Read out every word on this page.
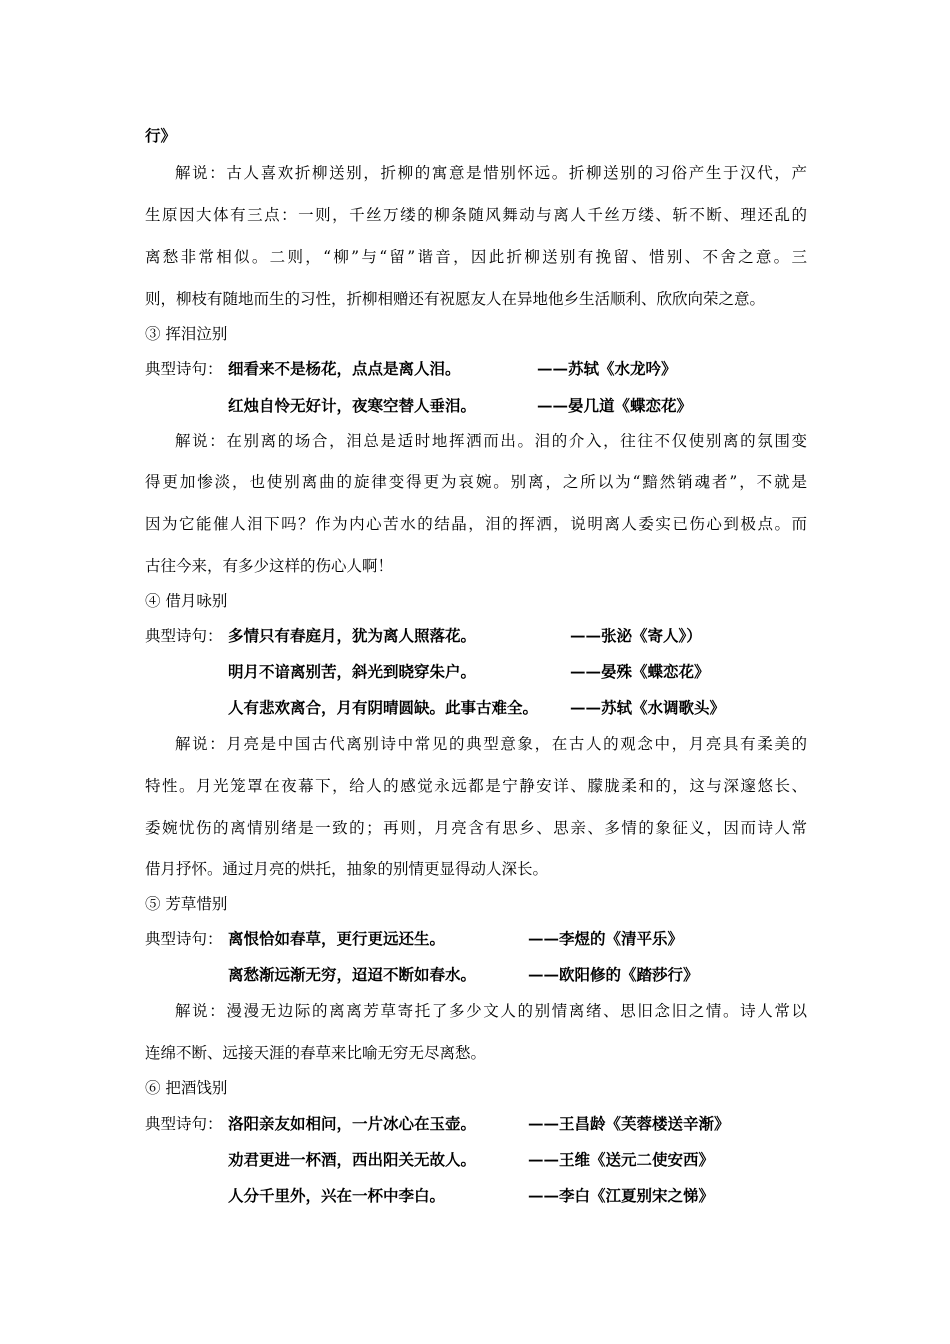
行》
解说：古人喜欢折柳送别，折柳的寓意是惜别怀远。折柳送别的习俗产生于汉代，产
生原因大体有三点：一则，千丝万缕的柳条随风舞动与离人千丝万缕、斩不断、理还乱的
离愁非常相似。二则，“柳”与“留”谐音，因此折柳送别有挽留、惜别、不舍之意。三
则，柳枝有随地而生的习性，折柳相赠还有祝愿友人在异地他乡生活顺利、欣欣向荣之意。
③ 挥泪泣别
典型诗句： 细看来不是杨花，点点是离人泪。	——苏轼《水龙吟》
红烛自怜无好计，夜寒空替人垂泪。	——晏几道《蝶恋花》
解说：在别离的场合，泪总是适时地挥洒而出。泪的介入，往往不仅使别离的氛围变
得更加惨淡，也使别离曲的旋律变得更为哀婉。别离，之所以为“黯然销魂者”，不就是
因为它能催人泪下吗？作为内心苦水的结晶，泪的挥洒，说明离人委实已伤心到极点。而
古往今来，有多少这样的伤心人啊！
④ 借月咏别
典型诗句： 多情只有春庭月，犹为离人照落花。	——张泌《寄人》）
明月不谙离别苦，斜光到晓穿朱户。	——晏殊《蝶恋花》
人有悲欢离合，月有阴晴圆缺。此事古难全。 ——苏轼《水调歌头》
解说：月亮是中国古代离别诗中常见的典型意象，在古人的观念中，月亮具有柔美的
特性。月光笼罩在夜幕下，给人的感觉永远都是宁静安详、朦胧柔和的，这与深邃悠长、
委婉忧伤的离情别绪是一致的；再则，月亮含有思乡、思亲、多情的象征义，因而诗人常
借月抒怀。通过月亮的烘托，抽象的别情更显得动人深长。
⑤ 芳草惜别
典型诗句： 离恨恰如春草，更行更远还生。	——李煜的《清平乐》
离愁渐远渐无穷，迢迢不断如春水。	——欧阳修的《踏莎行》
解说：漫漫无边际的离离芳草寄托了多少文人的别情离绪、思旧念旧之情。诗人常以
连绵不断、远接天涯的春草来比喻无穷无尽离愁。
⑥ 把酒饯别
典型诗句： 洛阳亲友如相问，一片冰心在玉壶。	——王昌龄《芙蓉楼送辛渐》
劝君更进一杯酒，西出阳关无故人。	——王维《送元二使安西》
人分千里外，兴在一杯中李白。	——李白《江夏别宋之悌》
